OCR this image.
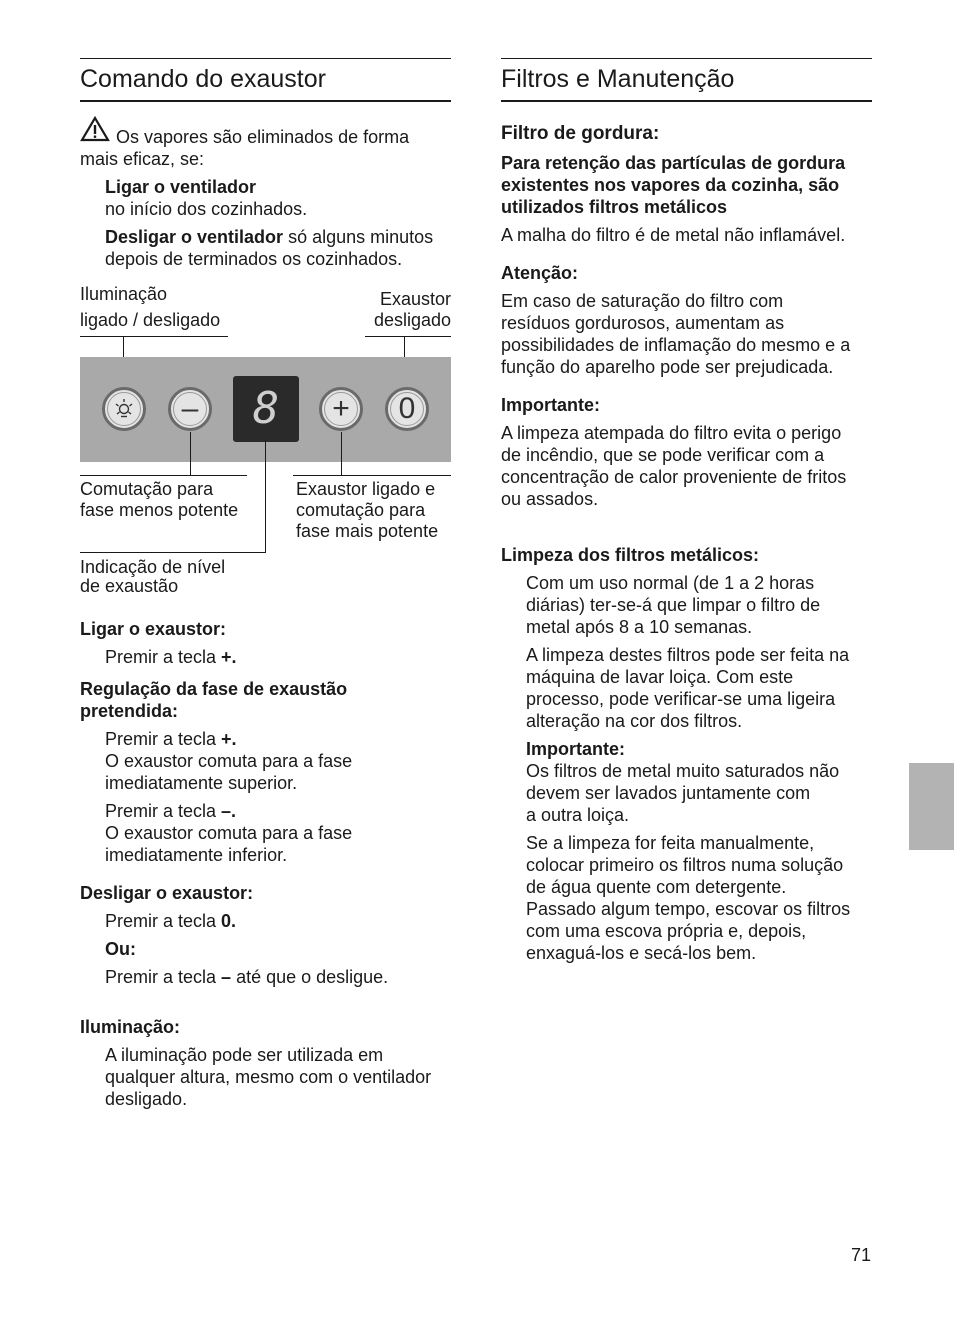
Comando do exaustor
Os vapores são eliminados de forma
mais eficaz, se:
Ligar o ventilador
no início dos cozinhados.
Desligar o ventilador só alguns minutos
depois de terminados os cozinhados.
Iluminação
ligado / desligado
Exaustor
desligado
–	8	+ 0
Comutação para
fase menos potente
Exaustor ligado e
comutação para
fase mais potente
Indicação de nível
de exaustão
Ligar o exaustor:
Premir a tecla +.
Regulação da fase de exaustão
pretendida:
Premir a tecla +.
O exaustor comuta para a fase
imediatamente superior.
Premir a tecla –.
O exaustor comuta para a fase
imediatamente inferior.
Desligar o exaustor:
Premir a tecla 0.
Ou:
Premir a tecla – até que o desligue.
Iluminação:
A iluminação pode ser utilizada em
qualquer altura, mesmo com o ventilador
desligado.
Filtros e Manutenção
Filtro de gordura:
Para retenção das partículas de gordura
existentes nos vapores da cozinha, são
utilizados filtros metálicos
A malha do filtro é de metal não inflamável.
Atenção:
Em caso de saturação do filtro com
resíduos gordurosos, aumentam as
possibilidades de inflamação do mesmo e a
função do aparelho pode ser prejudicada.
Importante:
A limpeza atempada do filtro evita o perigo
de incêndio, que se pode verificar com a
concentração de calor proveniente de fritos
ou assados.
Limpeza dos filtros metálicos:
Com um uso normal (de 1 a 2 horas
diárias) ter-se-á que limpar o filtro de
metal após 8 a 10 semanas.
A limpeza destes filtros pode ser feita na
máquina de lavar loiça. Com este
processo, pode verificar-se uma ligeira
alteração na cor dos filtros.
Importante:
Os filtros de metal muito saturados não
devem ser lavados juntamente com
a outra loiça.
Se a limpeza for feita manualmente,
colocar primeiro os filtros numa solução
de água quente com detergente.
Passado algum tempo, escovar os filtros
com uma escova própria e, depois,
enxaguá-los e secá-los bem.
71
